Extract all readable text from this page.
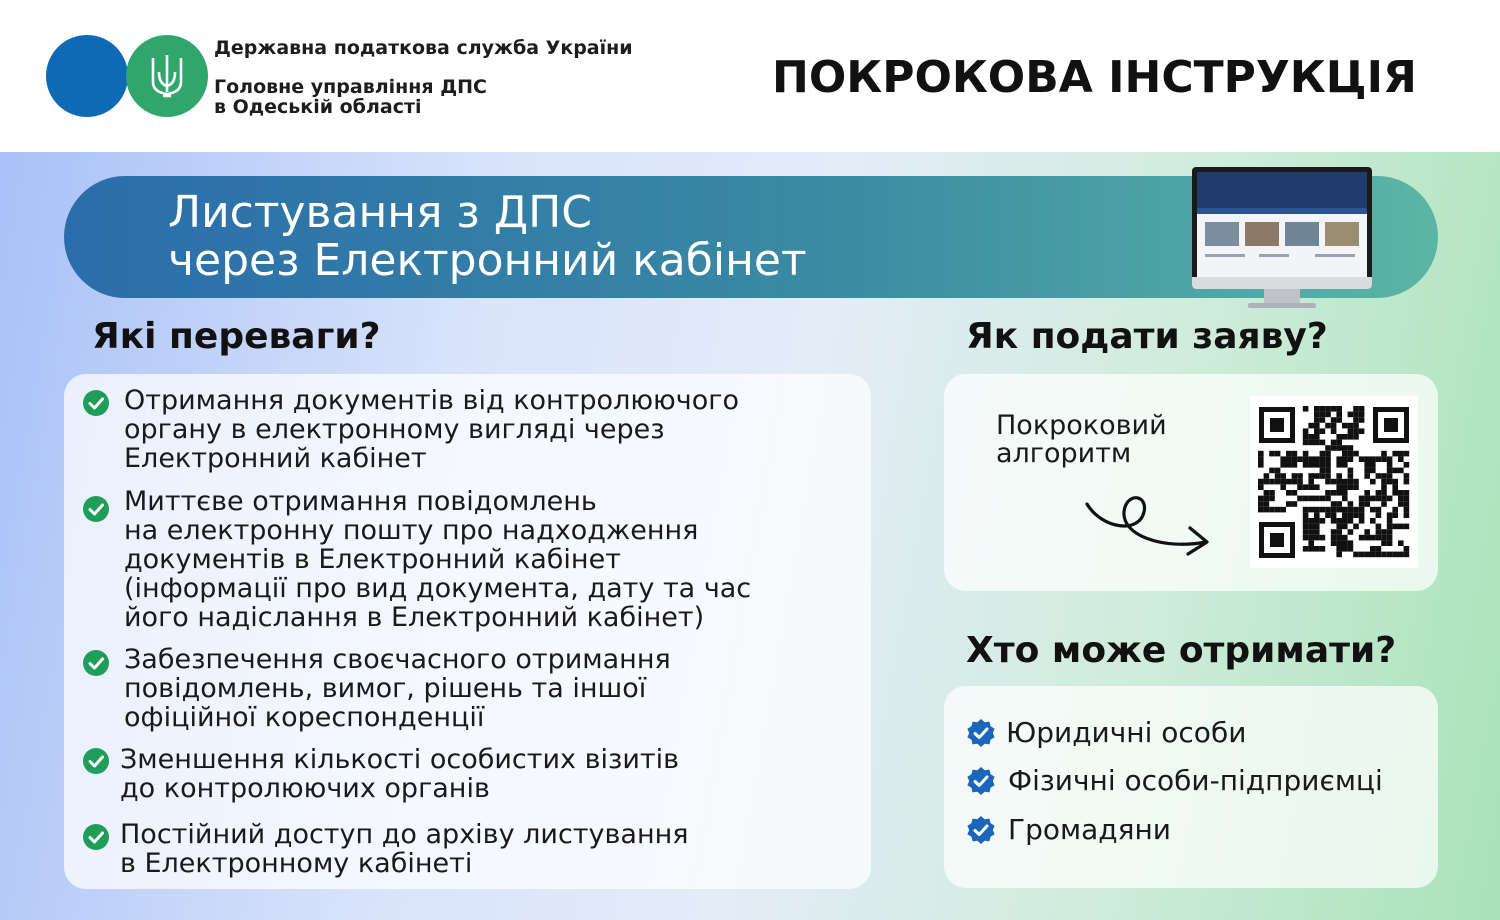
Державна податкова служба України
Головне управління ДПС
в Одеській області
ПОКРОКОВА ІНСТРУКЦІЯ
Листування з ДПС
через Електронний кабінет
Які переваги?	Як подати заяву?
Хто може отримати?
Отримання документів від контролюючого
органу в електронному вигляді через
Електронний кабінет
Миттєве отримання повідомлень
на електронну пошту про надходження
документів в Електронний кабінет
(інформації про вид документа, дату та час
його надіслання в Електронний кабінет)
Забезпечення своєчасного отримання
повідомлень, вимог, рішень та іншої
офіційної кореспонденції
Зменшення кількості особистих візитів
до контролюючих органів
Постійний доступ до архіву листування
в Електронному кабінеті
Покроковий
алгоритм
Юридичні особи
Фізичні особи-підприємці
Громадяни
